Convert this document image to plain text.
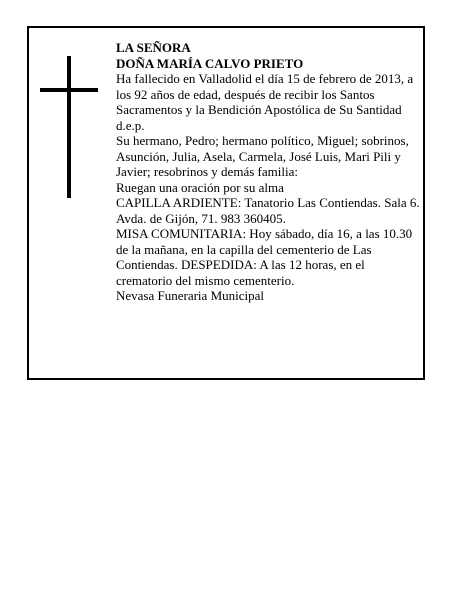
LA SEÑORA

DOÑA MARÍA CALVO PRIETO

Ha fallecido en Valladolid el día 15 de febrero de 2013, a los 92 años de edad, después de recibir los Santos Sacramentos y la Bendición Apostólica de Su Santidad d.e.p.

Su hermano, Pedro; hermano político, Miguel; sobrinos, Asunción, Julia, Asela, Carmela, José Luis, Mari Pili y Javier; resobrinos y demás familia:

Ruegan una oración por su alma

CAPILLA ARDIENTE: Tanatorio Las Contiendas. Sala 6. Avda. de Gijón, 71. 983 360405.

MISA COMUNITARIA: Hoy sábado, día 16, a las 10.30 de la mañana, en la capilla del cementerio de Las Contiendas. DESPEDIDA: A las 12 horas, en el crematorio del mismo cementerio.

Nevasa Funeraria Municipal
